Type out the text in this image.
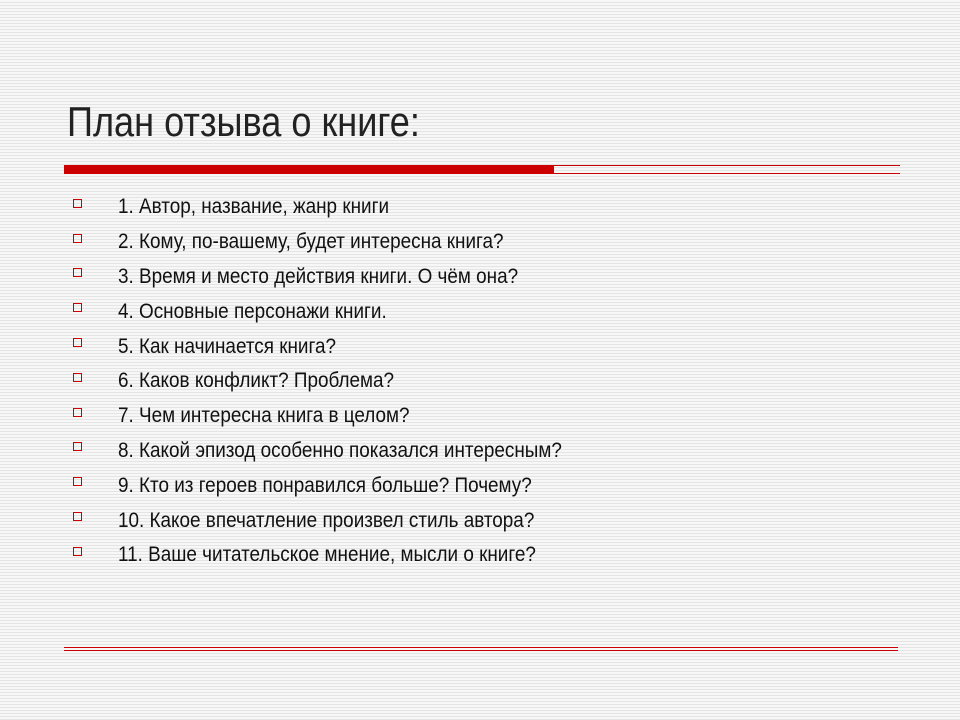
План отзыва о книге:
1. Автор, название, жанр книги
2. Кому, по-вашему, будет интересна книга?
3. Время и место действия книги. О чём она?
4. Основные персонажи книги.
5. Как начинается книга?
6. Каков конфликт? Проблема?
7. Чем интересна книга в целом?
8. Какой эпизод особенно показался интересным?
9. Кто из героев понравился больше? Почему?
10. Какое впечатление произвел стиль автора?
11. Ваше читательское мнение, мысли о книге?
